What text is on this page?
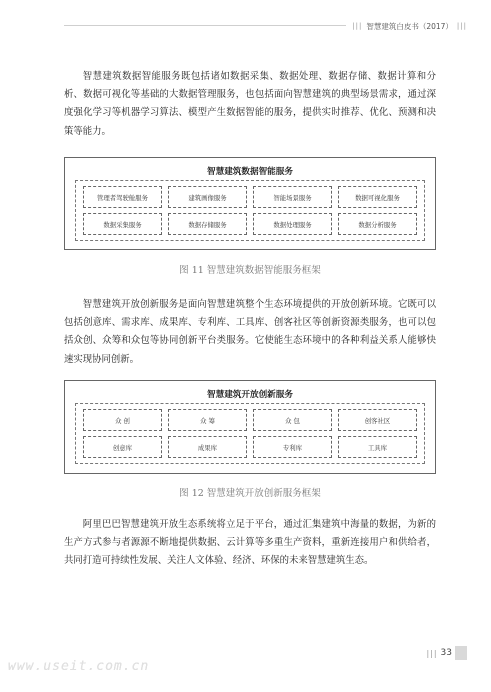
||| 智慧建筑白皮书（2017） |||

智慧建筑数据智能服务既包括诸如数据采集、数据处理、数据存储、数据计算和分析、数据可视化等基础的大数据管理服务，也包括面向智慧建筑的典型场景需求，通过深度强化学习等机器学习算法、模型产生数据智能的服务，提供实时推荐、优化、预测和决策等能力。

智慧建筑数据智能服务
管理者驾驶舱服务	建筑画像服务	智能场景服务	数据可视化服务
数据采集服务	数据存储服务	数据处理服务	数据分析服务
图 11 智慧建筑数据智能服务框架

智慧建筑开放创新服务是面向智慧建筑整个生态环境提供的开放创新环境。它既可以包括创意库、需求库、成果库、专利库、工具库、创客社区等创新资源类服务，也可以包括众创、众筹和众包等协同创新平台类服务。它使能生态环境中的各种利益关系人能够快速实现协同创新。

智慧建筑开放创新服务
众 创	众 筹	众 包	创客社区
创意库	成果库	专利库	工具库
图 12 智慧建筑开放创新服务框架

阿里巴巴智慧建筑开放生态系统将立足于平台，通过汇集建筑中海量的数据，为新的生产方式参与者源源不断地提供数据、云计算等多重生产资料，重新连接用户和供给者，共同打造可持续性发展、关注人文体验、经济、环保的未来智慧建筑生态。

||| 33
www.useit.com.cn
